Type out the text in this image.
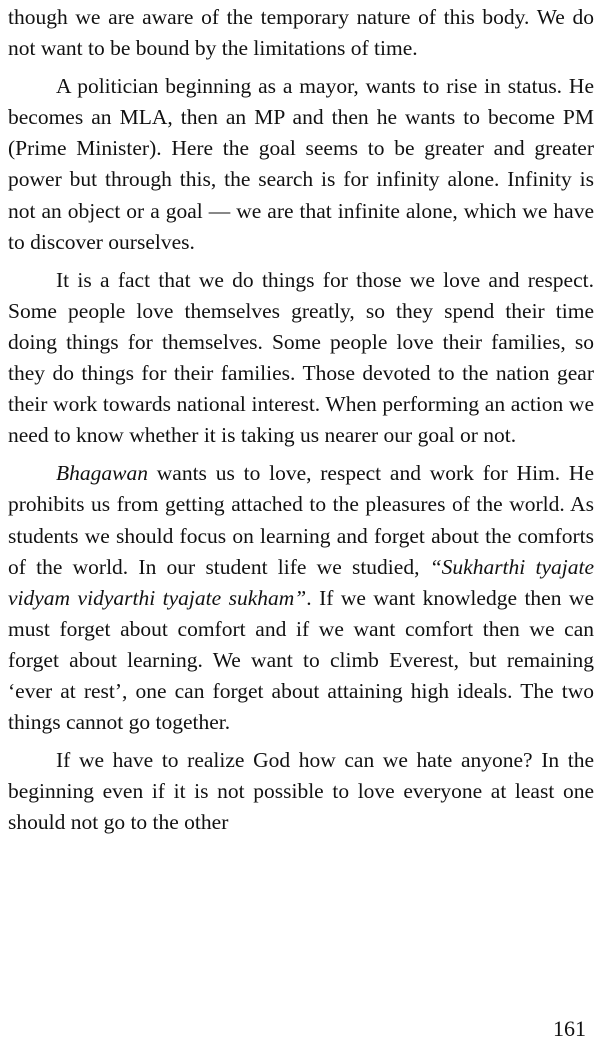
though we are aware of the temporary nature of this body. We do not want to be bound by the limitations of time.

A politician beginning as a mayor, wants to rise in status. He becomes an MLA, then an MP and then he wants to become PM (Prime Minister). Here the goal seems to be greater and greater power but through this, the search is for infinity alone. Infinity is not an object or a goal — we are that infinite alone, which we have to discover ourselves.

It is a fact that we do things for those we love and respect. Some people love themselves greatly, so they spend their time doing things for themselves. Some people love their families, so they do things for their families. Those devoted to the nation gear their work towards national interest. When performing an action we need to know whether it is taking us nearer our goal or not.

Bhagawan wants us to love, respect and work for Him. He prohibits us from getting attached to the pleasures of the world. As students we should focus on learning and forget about the comforts of the world. In our student life we studied, “Sukharthi tyajate vidyam vidyarthi tyajate sukham”. If we want knowledge then we must forget about comfort and if we want comfort then we can forget about learning. We want to climb Everest, but remaining ‘ever at rest’, one can forget about attaining high ideals. The two things cannot go together.

If we have to realize God how can we hate anyone? In the beginning even if it is not possible to love everyone at least one should not go to the other

161
